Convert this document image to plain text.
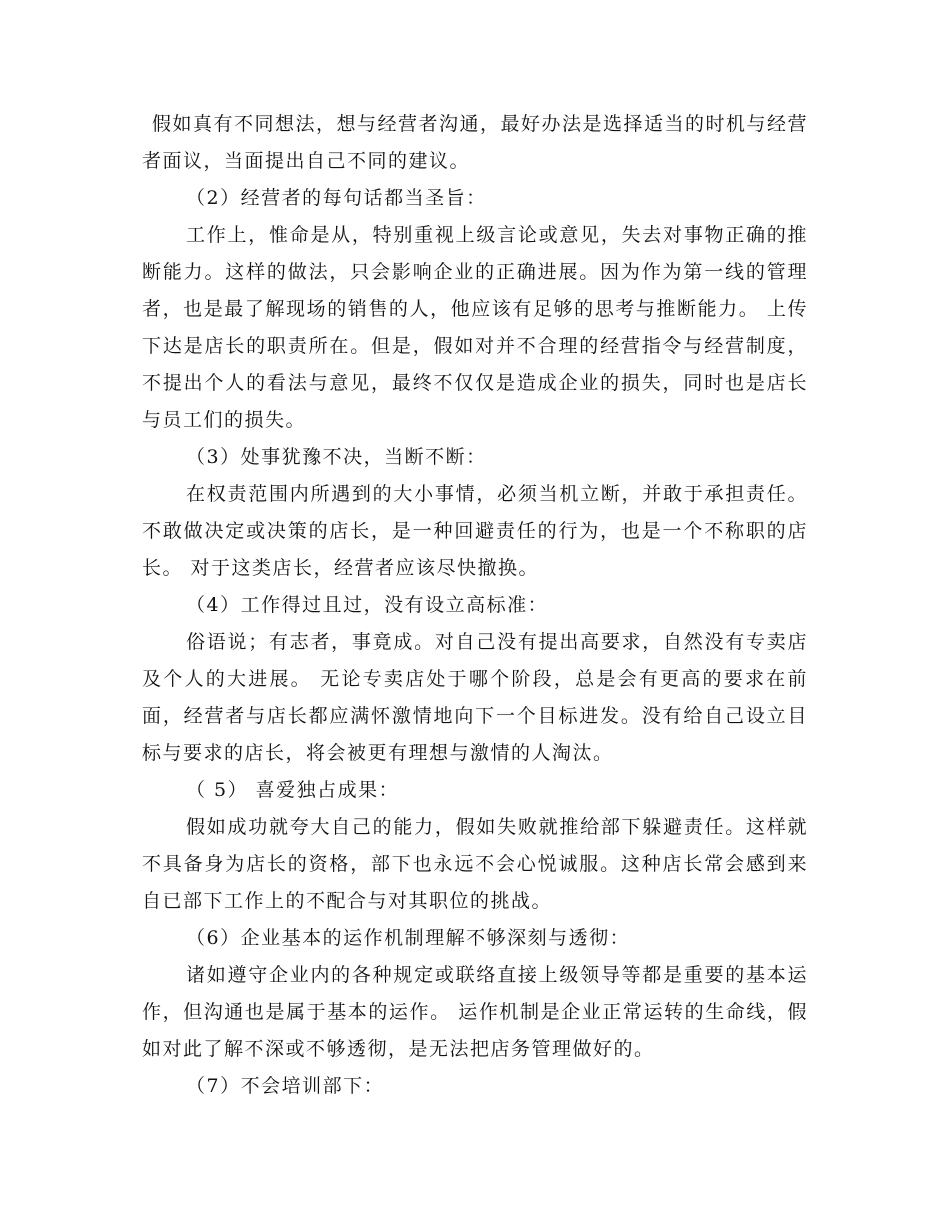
假如真有不同想法，想与经营者沟通，最好办法是选择适当的时机与经营者面议，当面提出自己不同的建议。

（2）经营者的每句话都当圣旨：

工作上，惟命是从，特别重视上级言论或意见，失去对事物正确的推断能力。这样的做法，只会影响企业的正确进展。因为作为第一线的管理者，也是最了解现场的销售的人，他应该有足够的思考与推断能力。 上传下达是店长的职责所在。但是，假如对并不合理的经营指令与经营制度，不提出个人的看法与意见，最终不仅仅是造成企业的损失，同时也是店长与员工们的损失。

（3）处事犹豫不决，当断不断：

在权责范围内所遇到的大小事情，必须当机立断，并敢于承担责任。不敢做决定或决策的店长，是一种回避责任的行为，也是一个不称职的店长。 对于这类店长，经营者应该尽快撤换。

（4）工作得过且过，没有设立高标准：

俗语说；有志者，事竟成。对自己没有提出高要求，自然没有专卖店及个人的大进展。 无论专卖店处于哪个阶段，总是会有更高的要求在前面，经营者与店长都应满怀激情地向下一个目标进发。没有给自己设立目标与要求的店长，将会被更有理想与激情的人淘汰。

（ 5） 喜爱独占成果：

假如成功就夸大自己的能力，假如失败就推给部下躲避责任。这样就不具备身为店长的资格，部下也永远不会心悦诚服。这种店长常会感到来自已部下工作上的不配合与对其职位的挑战。

（6）企业基本的运作机制理解不够深刻与透彻：

诸如遵守企业内的各种规定或联络直接上级领导等都是重要的基本运作，但沟通也是属于基本的运作。 运作机制是企业正常运转的生命线，假如对此了解不深或不够透彻，是无法把店务管理做好的。

（7）不会培训部下：
